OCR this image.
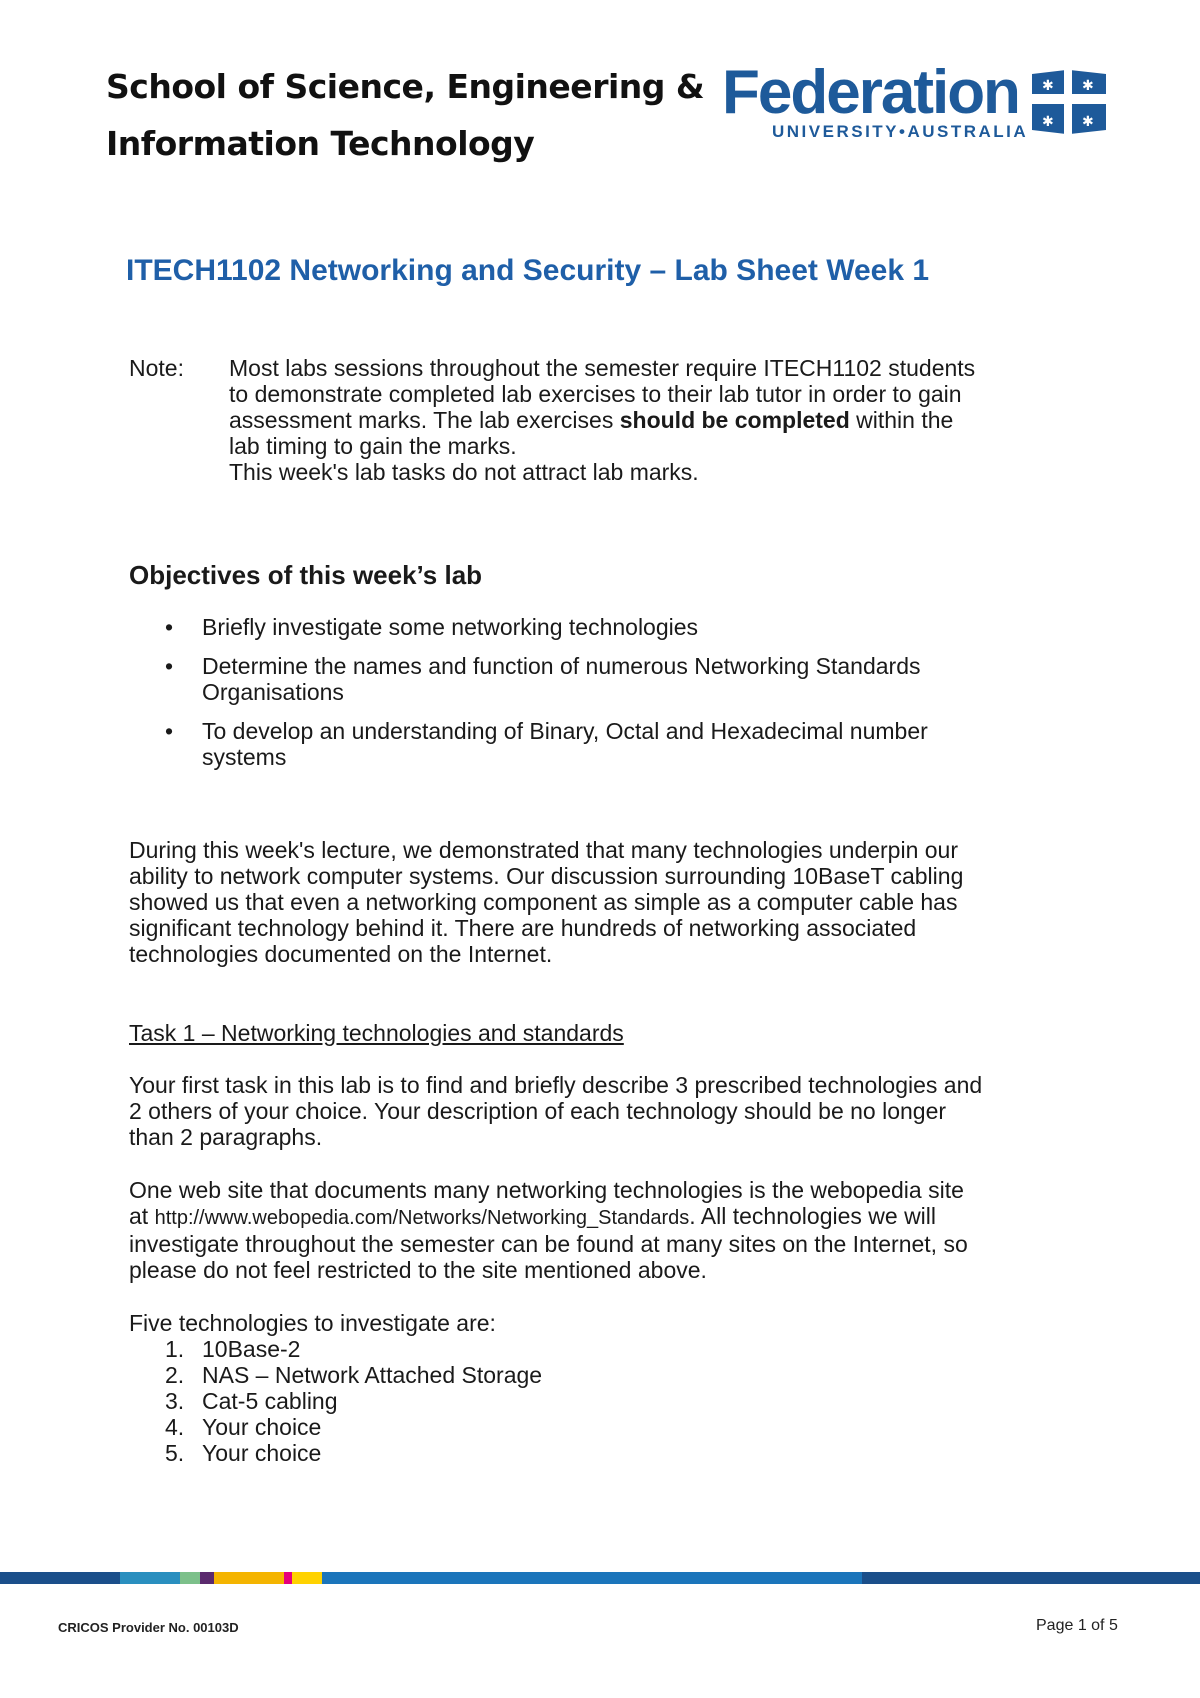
School of Science, Engineering &
Information Technology
Federation
UNIVERSITY•AUSTRALIA
✱ ✱
✱ ✱
ITECH1102 Networking and Security – Lab Sheet Week 1
Note: Most labs sessions throughout the semester require ITECH1102 students to demonstrate completed lab exercises to their lab tutor in order to gain assessment marks. The lab exercises should be completed within the lab timing to gain the marks.
This week's lab tasks do not attract lab marks.
Objectives of this week’s lab
• Briefly investigate some networking technologies
• Determine the names and function of numerous Networking Standards Organisations
• To develop an understanding of Binary, Octal and Hexadecimal number systems
During this week's lecture, we demonstrated that many technologies underpin our ability to network computer systems. Our discussion surrounding 10BaseT cabling showed us that even a networking component as simple as a computer cable has significant technology behind it. There are hundreds of networking associated technologies documented on the Internet.
Task 1 – Networking technologies and standards
Your first task in this lab is to find and briefly describe 3 prescribed technologies and 2 others of your choice. Your description of each technology should be no longer than 2 paragraphs.
One web site that documents many networking technologies is the webopedia site at http://www.webopedia.com/Networks/Networking_Standards. All technologies we will investigate throughout the semester can be found at many sites on the Internet, so please do not feel restricted to the site mentioned above.
Five technologies to investigate are:
1. 10Base-2
2. NAS – Network Attached Storage
3. Cat-5 cabling
4. Your choice
5. Your choice
CRICOS Provider No. 00103D	Page 1 of 5
